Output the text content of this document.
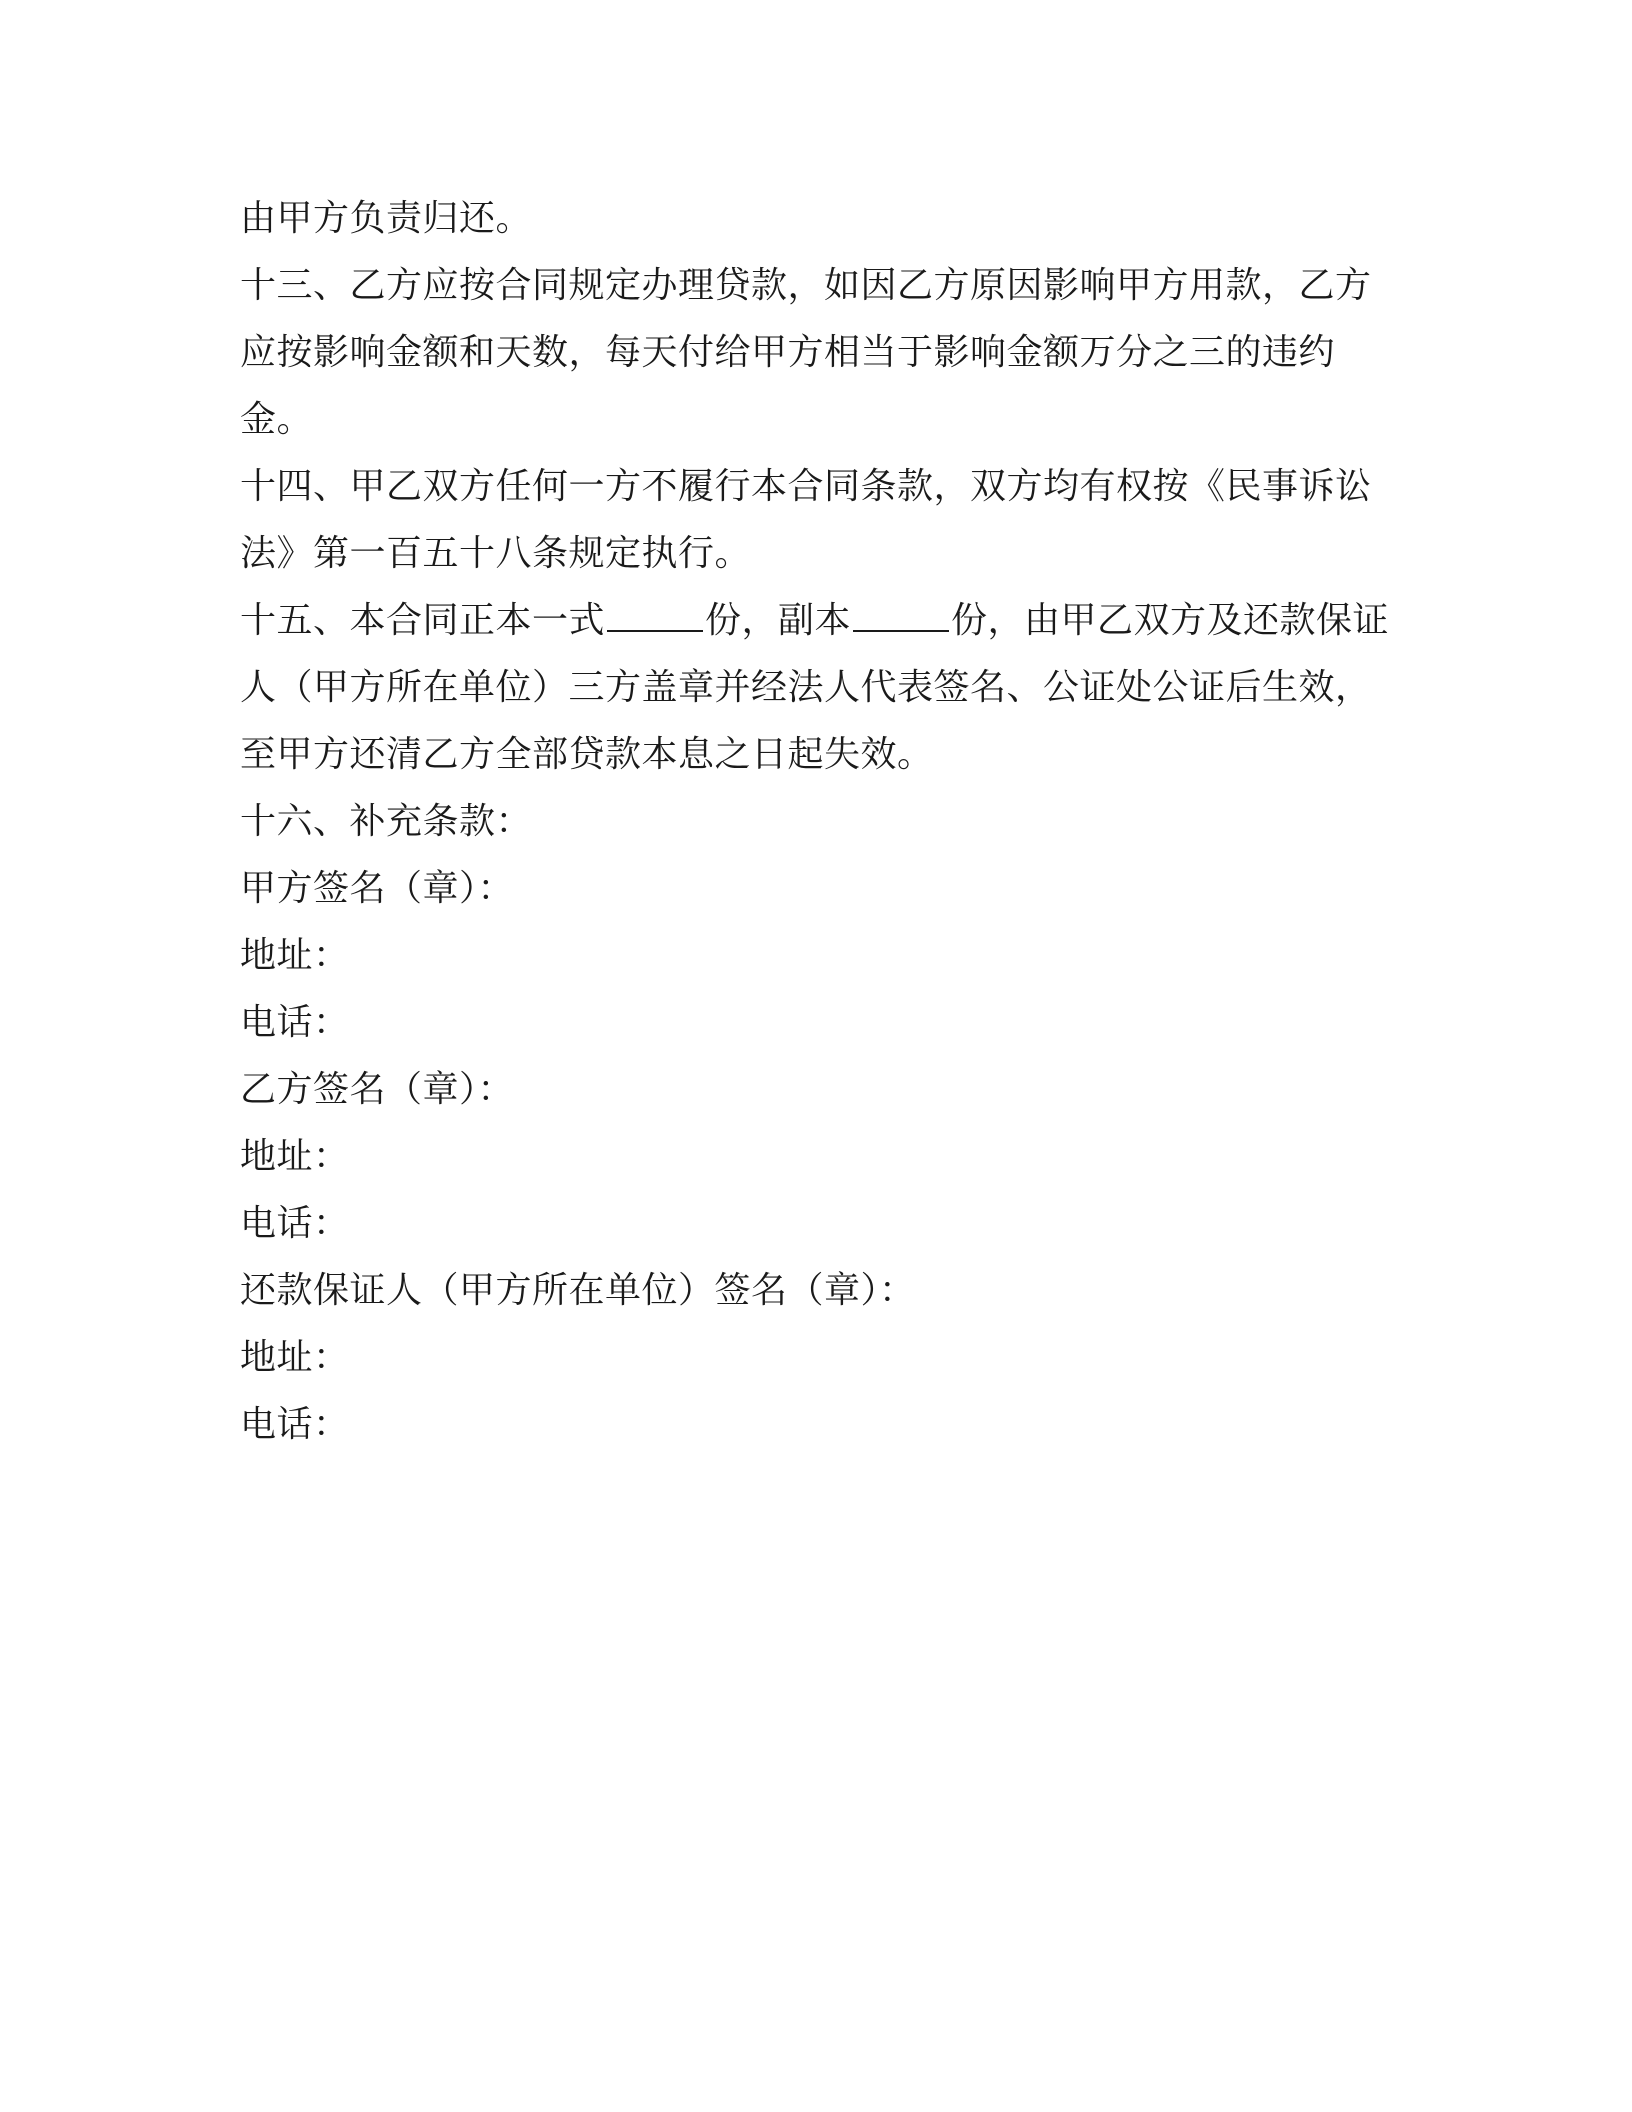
由甲方负责归还。
十三、乙方应按合同规定办理贷款，如因乙方原因影响甲方用款，乙方
应按影响金额和天数，每天付给甲方相当于影响金额万分之三的违约
金。
十四、甲乙双方任何一方不履行本合同条款，双方均有权按《民事诉讼
法》第一百五十八条规定执行。
十五、本合同正本一式	份，副本	份，由甲乙双方及还款保证
人（甲方所在单位）三方盖章并经法人代表签名、公证处公证后生效，
至甲方还清乙方全部贷款本息之日起失效。
十六、补充条款：
甲方签名（章）：
地址：
电话：
乙方签名（章）：
地址：
电话：
还款保证人（甲方所在单位）签名（章）：
地址：
电话：
